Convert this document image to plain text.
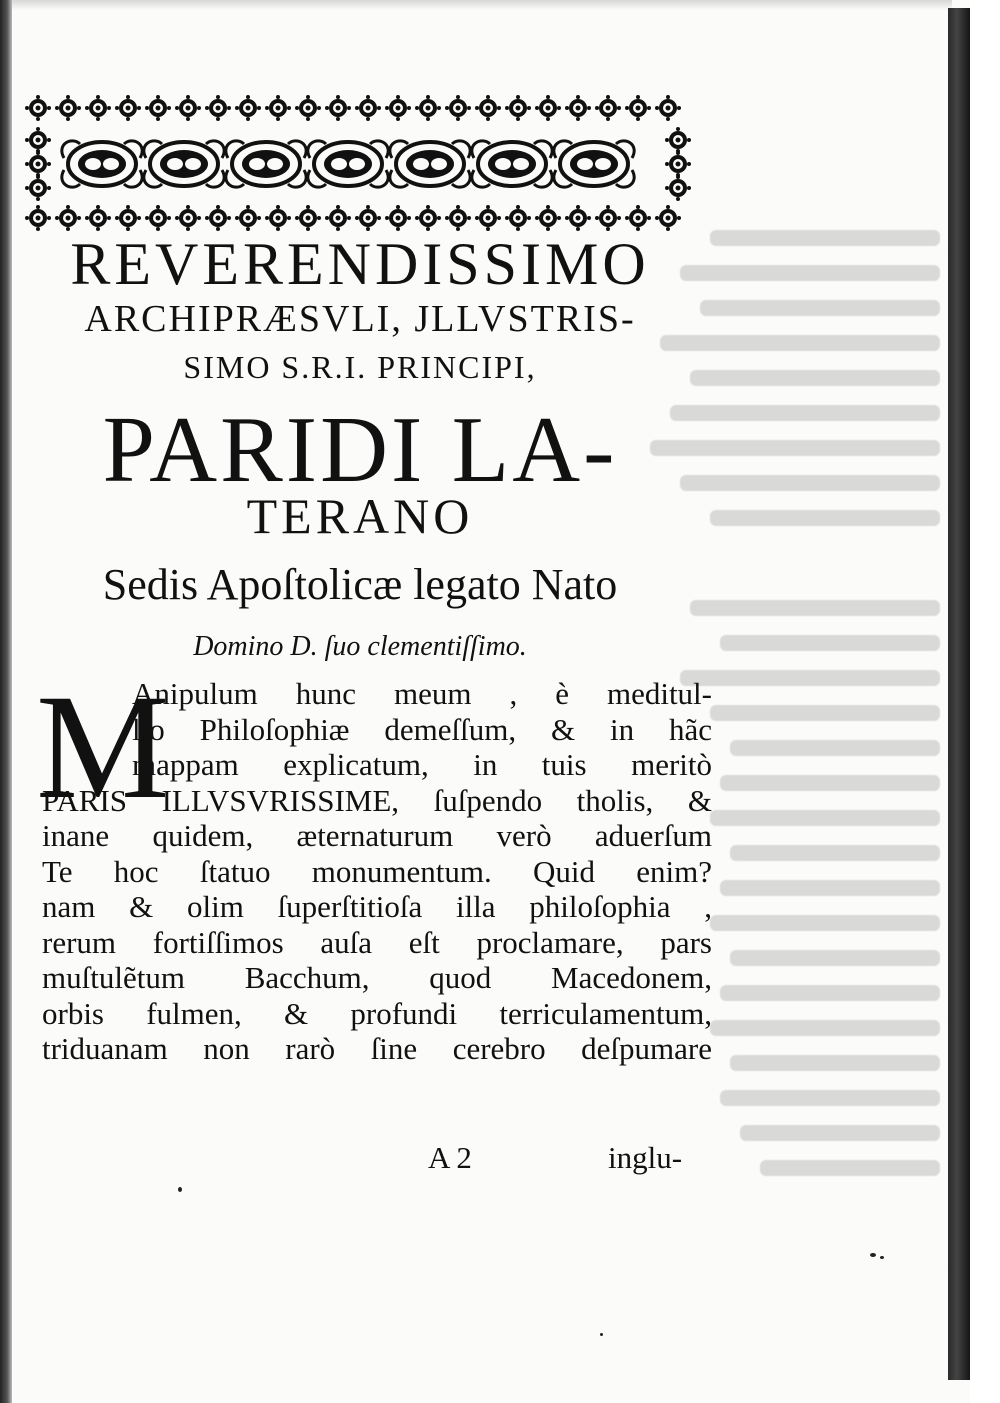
REVERENDISSIMO
ARCHIPRÆSVLI, JLLVSTRIS-
SIMO S.R.I. PRINCIPI,
PARIDI LA-
TERANO
Sedis Apoſtolicæ legato Nato
Domino D. ſuo clementiſſimo.
M
Anipulum hunc meum , è meditul-
lio Philoſophiæ demeſſum, & in hãc
mappam explicatum, in tuis meritò
PARIS ILLVSVRISSIME, ſuſpendo tholis, &
inane quidem, æternaturum verò aduerſum
Te hoc ſtatuo monumentum. Quid enim?
nam & olim ſuperſtitioſa illa philoſophia ,
rerum fortiſſimos auſa eſt proclamare, pars
muſtulẽtum Bacchum, quod Macedonem,
orbis fulmen, & profundi terriculamentum,
triduanam non rarò ſine cerebro deſpumare
A 2	inglu-
